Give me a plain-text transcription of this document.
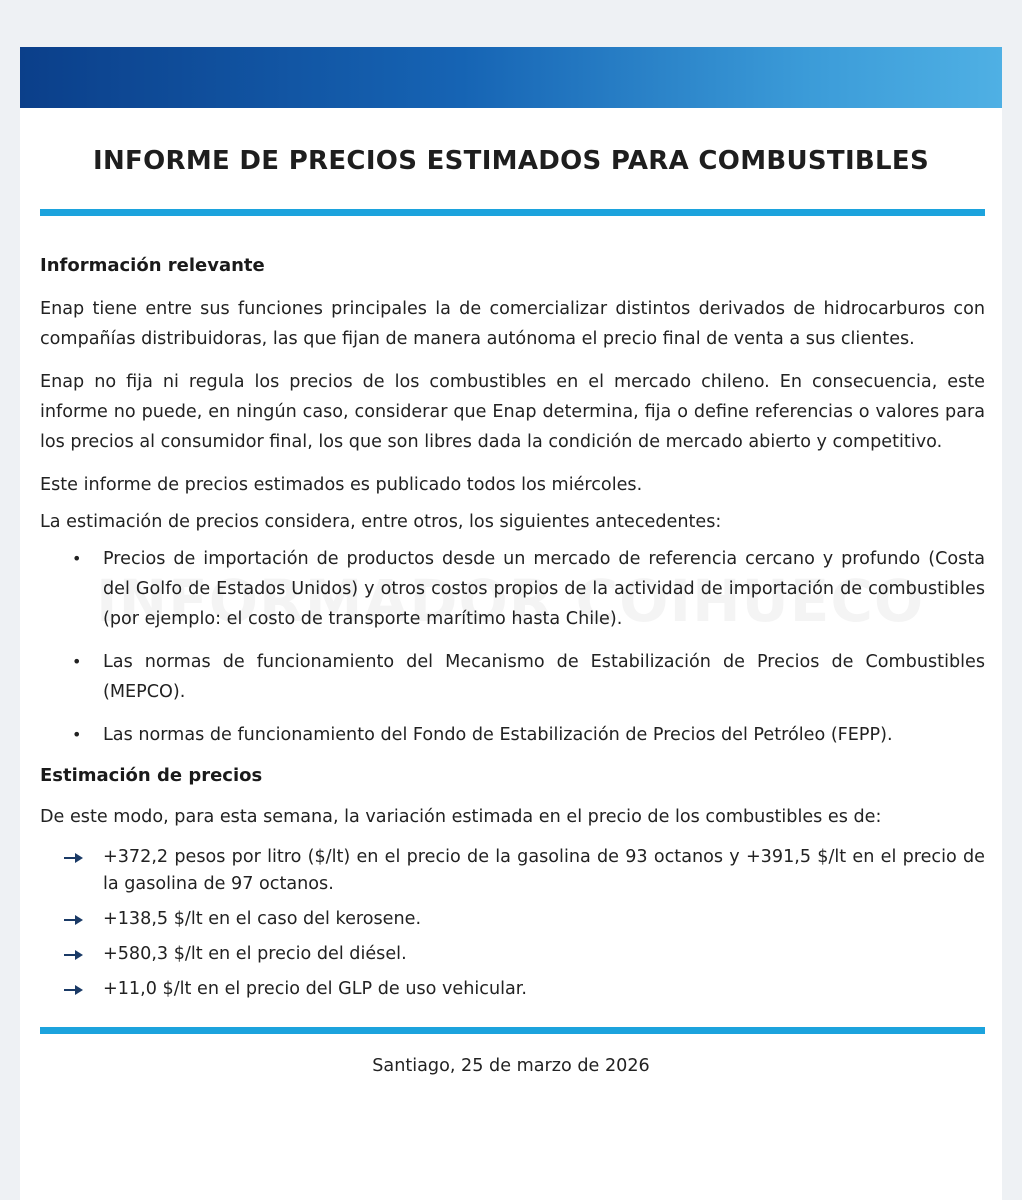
INFORME DE PRECIOS ESTIMADOS PARA COMBUSTIBLES
Información relevante

Enap tiene entre sus funciones principales la de comercializar distintos derivados de hidrocarburos con compañías distribuidoras, las que fijan de manera autónoma el precio final de venta a sus clientes.

Enap no fija ni regula los precios de los combustibles en el mercado chileno. En consecuencia, este informe no puede, en ningún caso, considerar que Enap determina, fija o define referencias o valores para los precios al consumidor final, los que son libres dada la condición de mercado abierto y competitivo.

Este informe de precios estimados es publicado todos los miércoles.

La estimación de precios considera, entre otros, los siguientes antecedentes:

• Precios de importación de productos desde un mercado de referencia cercano y profundo (Costa del Golfo de Estados Unidos) y otros costos propios de la actividad de importación de combustibles (por ejemplo: el costo de transporte marítimo hasta Chile).
• Las normas de funcionamiento del Mecanismo de Estabilización de Precios de Combustibles (MEPCO).
• Las normas de funcionamiento del Fondo de Estabilización de Precios del Petróleo (FEPP).
Estimación de precios

De este modo, para esta semana, la variación estimada en el precio de los combustibles es de:

+372,2 pesos por litro ($/lt) en el precio de la gasolina de 93 octanos y +391,5 $/lt en el precio de la gasolina de 97 octanos.
+138,5 $/lt en el caso del kerosene.
+580,3 $/lt en el precio del diésel.
+11,0 $/lt en el precio del GLP de uso vehicular.
Santiago, 25 de marzo de 2026
